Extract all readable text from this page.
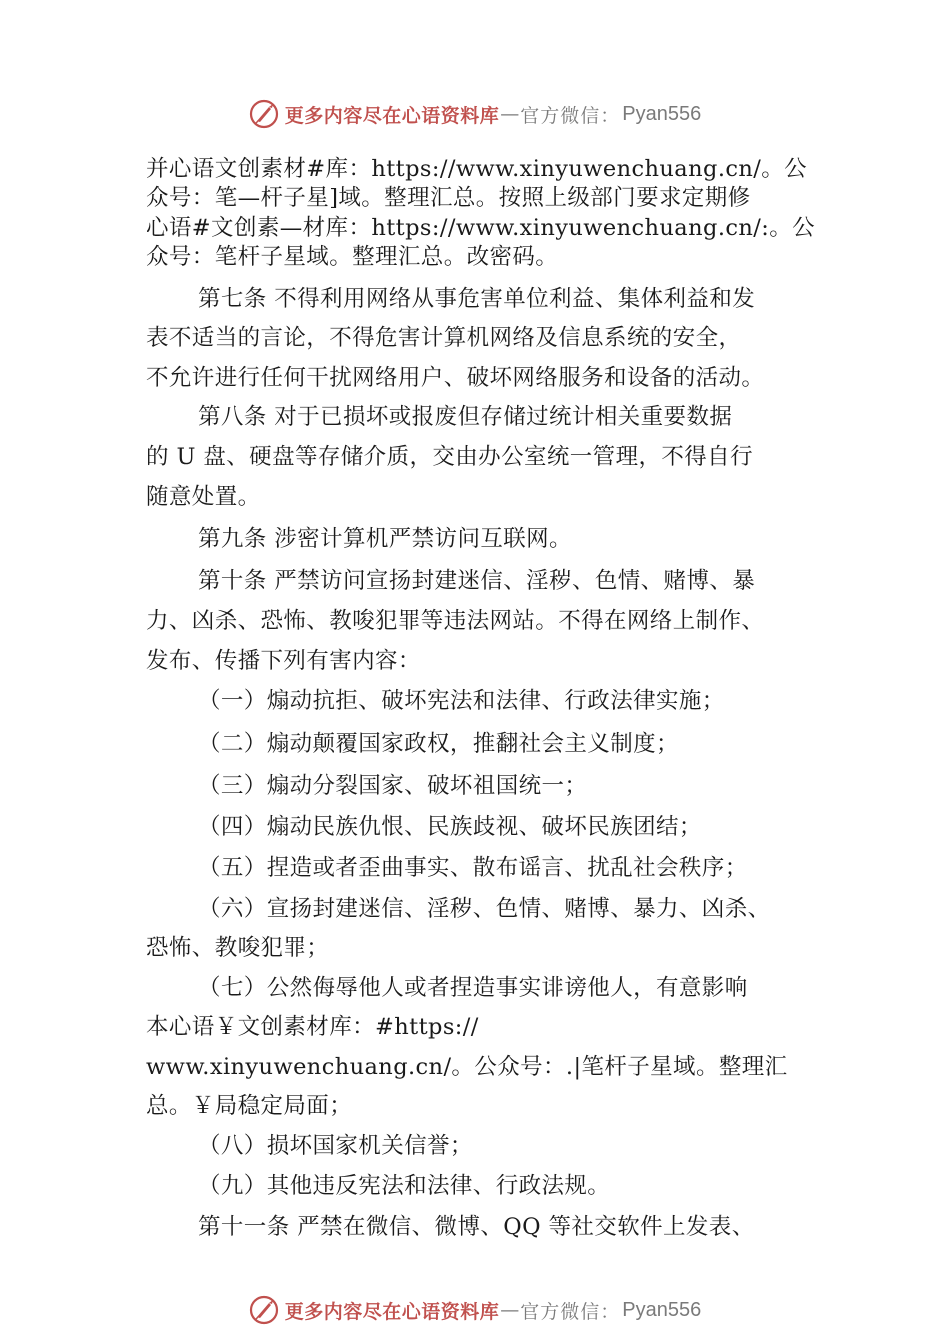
更多内容尽在心语资料库 — 官方微信： Pyan556
并心语文创素材#库：https://www.xinyuwenchuang.cn/。公
众号：笔—杆子星]域。整理汇总。按照上级部门要求定期修
心语#文创素—材库：https://www.xinyuwenchuang.cn/:。公
众号：笔杆子星域。整理汇总。改密码。
第七条 不得利用网络从事危害单位利益、集体利益和发
表不适当的言论，不得危害计算机网络及信息系统的安全，
不允许进行任何干扰网络用户、破坏网络服务和设备的活动。
第八条 对于已损坏或报废但存储过统计相关重要数据
的 U 盘、硬盘等存储介质，交由办公室统一管理，不得自行
随意处置。
第九条 涉密计算机严禁访问互联网。
第十条 严禁访问宣扬封建迷信、淫秽、色情、赌博、暴
力、凶杀、恐怖、教唆犯罪等违法网站。不得在网络上制作、
发布、传播下列有害内容：
（一）煽动抗拒、破坏宪法和法律、行政法律实施；
（二）煽动颠覆国家政权，推翻社会主义制度；
（三）煽动分裂国家、破坏祖国统一；
（四）煽动民族仇恨、民族歧视、破坏民族团结；
（五）捏造或者歪曲事实、散布谣言、扰乱社会秩序；
（六）宣扬封建迷信、淫秽、色情、赌博、暴力、凶杀、
恐怖、教唆犯罪；
（七）公然侮辱他人或者捏造事实诽谤他人，有意影响
本心语￥文创素材库：#https://
www.xinyuwenchuang.cn/。公众号：.|笔杆子星域。整理汇
总。￥局稳定局面；
（八）损坏国家机关信誉；
（九）其他违反宪法和法律、行政法规。
第十一条 严禁在微信、微博、QQ 等社交软件上发表、
更多内容尽在心语资料库 — 官方微信： Pyan556
